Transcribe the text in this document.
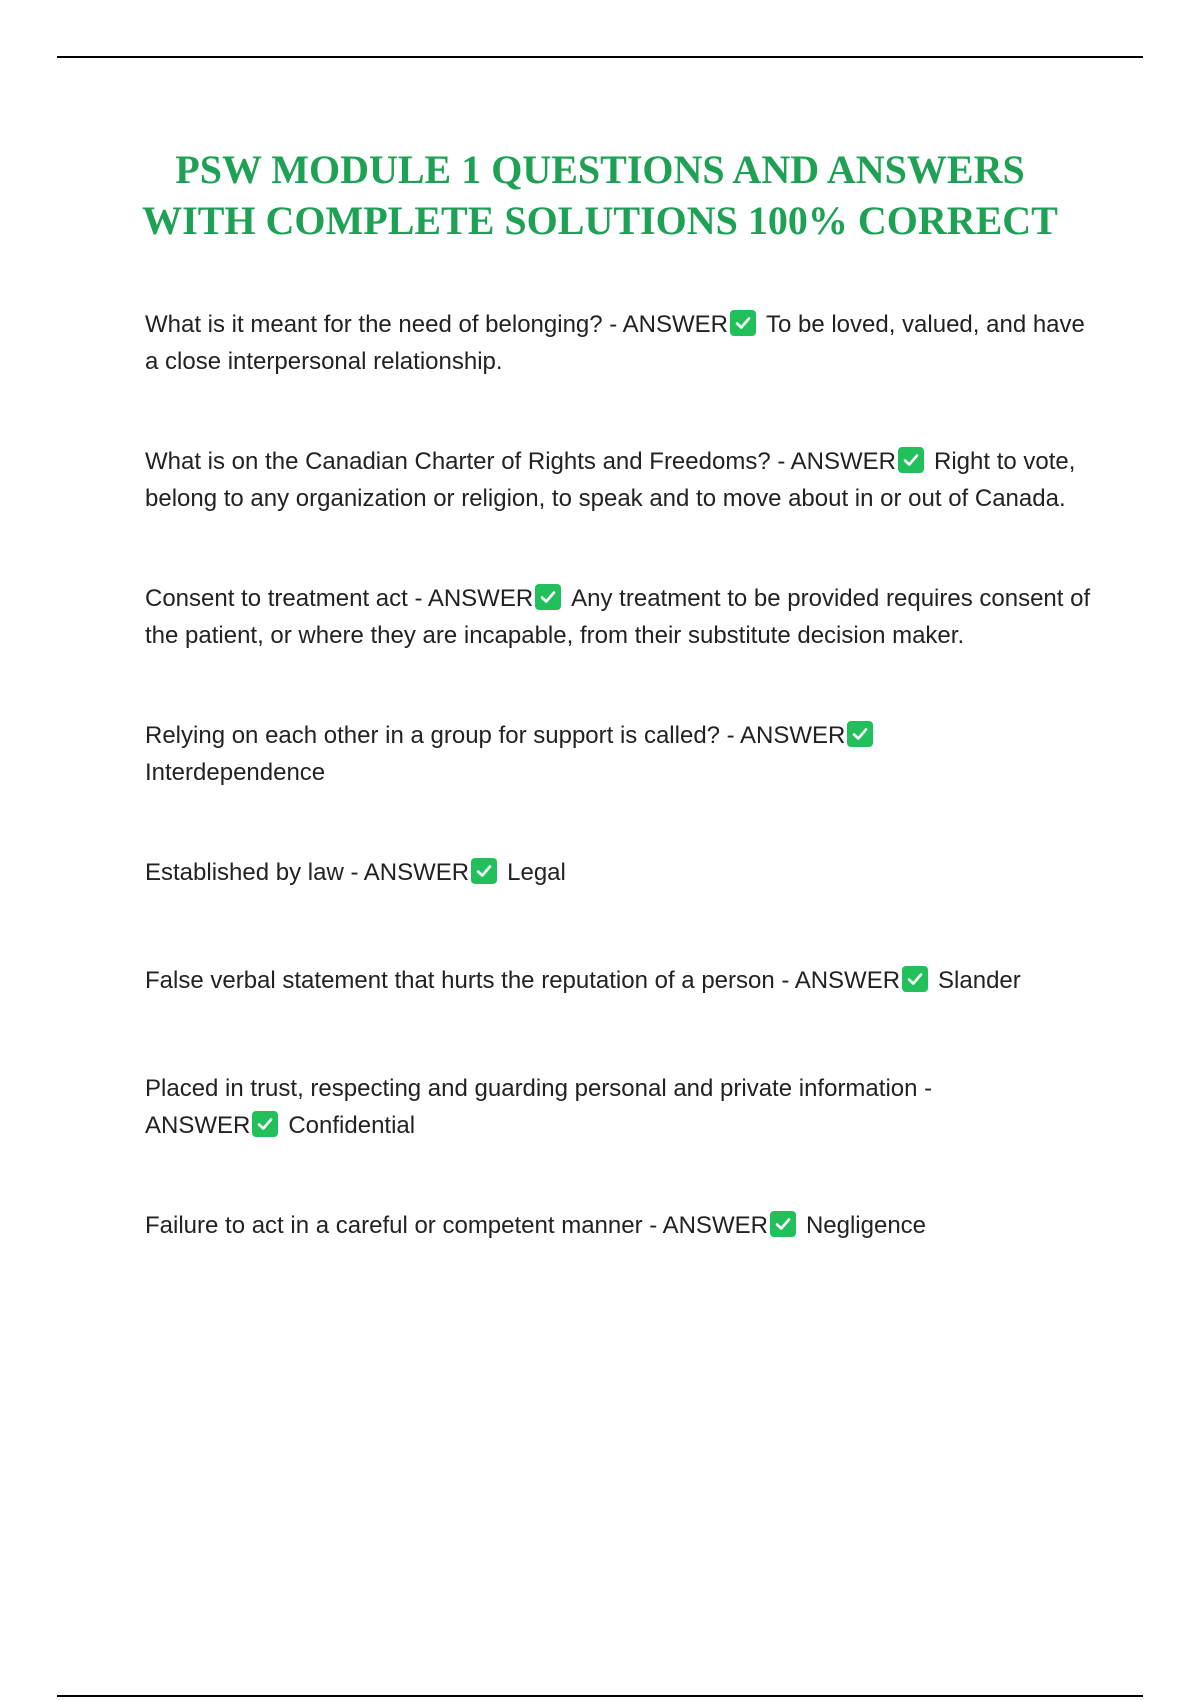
PSW MODULE 1 QUESTIONS AND ANSWERS
WITH COMPLETE SOLUTIONS 100% CORRECT
What is it meant for the need of belonging? - ANSWER To be loved, valued, and have a close interpersonal relationship.
What is on the Canadian Charter of Rights and Freedoms? - ANSWER Right to vote, belong to any organization or religion, to speak and to move about in or out of Canada.
Consent to treatment act - ANSWER Any treatment to be provided requires consent of the patient, or where they are incapable, from their substitute decision maker.
Relying on each other in a group for support is called? - ANSWER

Interdependence
Established by law - ANSWER Legal
False verbal statement that hurts the reputation of a person - ANSWER Slander
Placed in trust, respecting and guarding personal and private information -
ANSWER Confidential
Failure to act in a careful or competent manner - ANSWER Negligence
